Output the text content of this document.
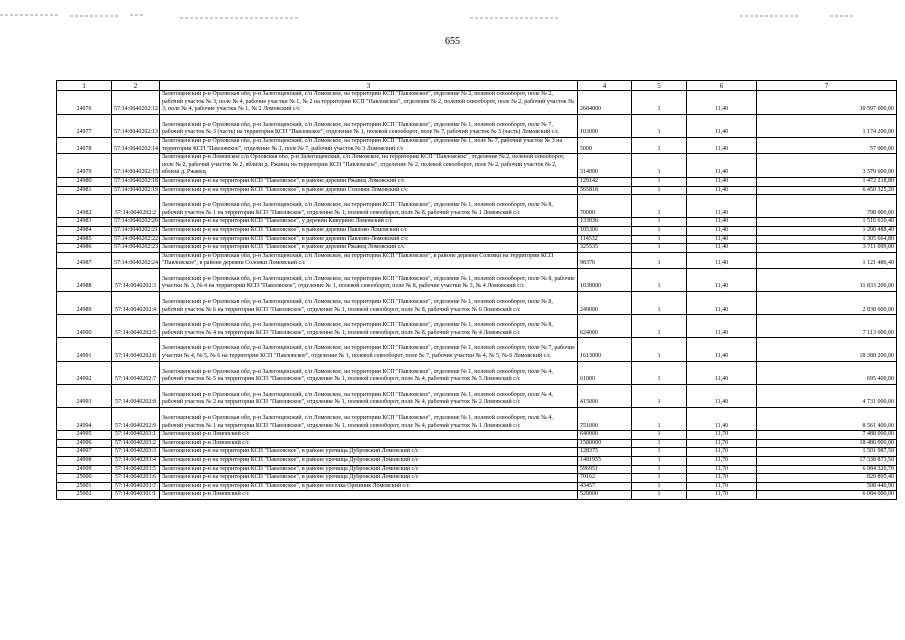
655
1	2	3	4	5	6	7
24976	57:14:0040202:12	Залегощенский р-н Орловская обл, р-н Залегощенский, с/п Ломовское, на территории КСП "Павловское", отделение № 2, полевой севооборот, поле № 2, рабочий участок № 3, поле № 4, рабочие участки № 1, № 2 на территории КСП "Павловское", отделение № 2, полевой севооборот, поле № 2, рабочий участок № 3, поле № 4, рабочие участки № 1, № 2 Ломовский с/с	2684000	1	11,40	30 597 600,00
24977	57:14:0040202:13	Залегощенский р-н Орловская обл, р-н Залегощенский, с/п Ломовское, на территории КСП "Павловское", отделение № 1, полевой севооборот, поле № 7, рабочий участок № 3 (часть) на территории КСП "Павловское", отделение № 1, полевой севооборот, поле № 7, рабочий участок № 3 (часть) Ломовский с/с	103000	1	11,40	1 174 200,00
24978	57:14:0040202:14	Залегощенский р-н Орловская обл, р-н Залегощенский, с/п Ломовское, на территории КСП "Павловское", отделение № 1, поле № 7, рабочий участок № 3 на территории КСП "Павловское", отделение № 1, поле № 7, рабочий участок № 3 Ломовский с/с	5000	1	11,40	57 000,00
24979	57:14:0040202:15	Залегощенский р-н Ломовское с/п Орловская обл, р-н Залегощенский, с/п Ломовское, на территории КСП "Павловское", отделение № 2, полевой севооборот, поле № 2, рабочий участок № 2, вблизи д. Ржавец на территории КСП "Павловское", отделение № 2, полевой севооборот, поле № 2, рабочий участок № 2, вблизи д. Ржавец	314000	1	11,40	3 579 600,00
24980	57:14:0040202:18	Залегощенский р-н на территории КСП "Павловское", в районе деревни Ржавец Ломовский с/с	129142	1	11,40	1 472 218,80
24981	57:14:0040202:19	Залегощенский р-н на территории КСП "Павловское", в районе деревни Соловки Ломовский с/с	565818	1	11,40	6 450 325,20
24982	57:14:0040202:2	Залегощенский р-н Орловская обл, р-н Залегощенский, с/п Ломовское, на территории КСП "Павловское", отделение № 1, полевой севооборот, поле № 8, рабочий участок № 1 на территории КСП "Павловское", отделение № 1, полевой севооборот, поле № 8, рабочий участок № 1 Ломовский с/с	70000	1	11,40	798 000,00
24983	57:14:0040202:20	Залегощенский р-н на территории КСП "Павловское", у деревни Кикурино Ломовский с/с	133036	1	11,40	1 516 610,40
24984	57:14:0040202:21	Залегощенский р-н на территории КСП "Павловское", в районе деревни Павлово Ломовский с/с	105306	1	11,40	1 200 488,40
24985	57:14:0040202:22	Залегощенский р-н на территории КСП "Павловское", в районе деревни Павлово-Ломовский с/с	114532	1	11,40	1 305 664,80
24986	57:14:0040202:23	Залегощенский р-н на территории КСП "Павловское", в районе деревни Ржавец Ломовский с/с	325535	1	11,40	3 711 099,00
24987	57:14:0040202:24	Залегощенский р-н Орловская обл, р-н Залегощенский, с/п Ломовское, на территории КСП "Павловское", в районе деревни Соловки на территории КСП "Павловское", в районе деревни Соловки Ломовский с/с	98376	1	11,40	1 121 486,40
24988	57:14:0040202:3	Залегощенский р-н Орловская обл, р-н Залегощенский, с/п Ломовское, на территории КСП "Павловское", отделение № 1, полевой севооборот, поле № 8, рабочие участки № 3, № 4 на территории КСП "Павловское", отделение № 1, полевой севооборот, поле № 8, рабочие участки № 3, № 4 Ломовский с/с	1038000	1	11,40	11 833 200,00
24989	57:14:0040202:4	Залегощенский р-н Орловская обл, р-н Залегощенский, с/п Ломовское, на территории КСП "Павловское", отделение № 1, полевой севооборот, поле № 8, рабочий участок № 6 на территории КСП "Павловское", отделение № 1, полевой севооборот, поле № 8, рабочий участок № 6 Ломовский с/с	249000	1	11,40	2 838 600,00
24990	57:14:0040202:5	Залегощенский р-н Орловская обл, р-н Залегощенский, с/п Ломовское, на территории КСП "Павловское", отделение № 1, полевой севооборот, поле № 8, рабочий участок № 4 на территории КСП "Павловское", отделение № 1, полевой севооборот, поле № 8, рабочий участок № 4 Ломовский с/с	624000	1	11,40	7 113 600,00
24991	57:14:0040202:6	Залегощенский р-н Орловская обл, р-н Залегощенский, с/п Ломовское, на территории КСП "Павловское", отделение № 1, полевой севооборот, поле № 7, рабочие участки № 4, № 5, № 6 на территории КСП "Павловское", отделение № 1, полевой севооборот, поле № 7, рабочие участки № 4, № 5, № 6 Ломовский с/с	1613000	1	11,40	18 388 200,00
24992	57:14:0040202:7	Залегощенский р-н Орловская обл, р-н Залегощенский, с/п Ломовское, на территории КСП "Павловское", отделение № 1, полевой севооборот, поле № 4, рабочий участок № 5 на территории КСП "Павловское", отделение № 1, полевой севооборот, поле № 4, рабочий участок № 5 Ломовский с/с	61000	1	11,40	695 400,00
24993	57:14:0040202:8	Залегощенский р-н Орловская обл, р-н Залегощенский, с/п Ломовское, на территории КСП "Павловское", отделение № 1, полевой севооборот, поле № 4, рабочий участок № 2 на территории КСП "Павловское", отделение № 1, полевой севооборот, поле № 4, рабочий участок № 2 Ломовский с/с	415000	1	11,40	4 731 000,00
24994	57:14:0040202:9	Залегощенский р-н Орловская обл, р-н Залегощенский, с/п Ломовское, на территории КСП "Павловское", отделение № 1, полевой севооборот, поле № 4, рабочий участок № 1 на территории КСП "Павловское", отделение № 1, полевой севооборот, поле № 4, рабочий участок № 1 Ломовский с/с	751000	1	11,40	8 561 400,00
24995	57:14:0040203:1	Залегощенский р-н Ломовский с/с	640000	1	11,70	7 488 000,00
24996	57:14:0040203:2	Залегощенский р-н Ломовский с/с	1580000	1	11,70	18 486 000,00
24997	57:14:0040203:3	Залегощенский р-н на территории КСП "Павловское", в районе урочища Дубровский Ломовский с/с	128375	1	11,70	1 501 987,50
24998	57:14:0040203:4	Залегощенский р-н на территории КСП "Павловское", в районе урочища Дубровский Ломовский с/с	1481955	1	11,70	17 338 873,50
24999	57:14:0040203:5	Залегощенский р-н на территории КСП "Павловское", в районе урочища Дубровский Ломовский с/с	596951	1	11,70	6 984 326,70
25000	57:14:0040203:6	Залегощенский р-н на территории КСП "Павловское", в районе урочища Дубровский Ломовский с/с	70162	1	11,70	820 895,40
25001	57:14:0040203:7	Залегощенский р-н на территории КСП "Павловское", в районе поселка Орешник Ломовский с/с	43457	1	11,70	508 446,90
25002	57:14:0040301:1	Залегощенский р-н Ломовский с/с	520000	1	11,70	6 084 000,00
